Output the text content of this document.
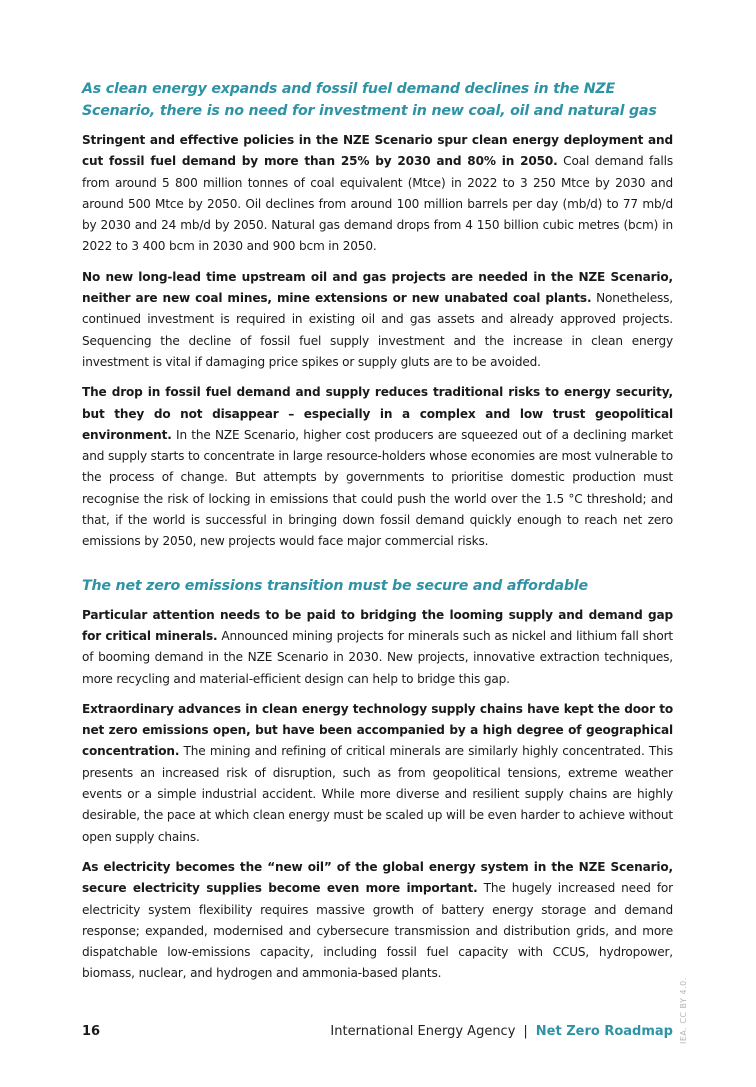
As clean energy expands and fossil fuel demand declines in the NZE Scenario, there is no need for investment in new coal, oil and natural gas

Stringent and effective policies in the NZE Scenario spur clean energy deployment and cut fossil fuel demand by more than 25% by 2030 and 80% in 2050. Coal demand falls from around 5 800 million tonnes of coal equivalent (Mtce) in 2022 to 3 250 Mtce by 2030 and around 500 Mtce by 2050. Oil declines from around 100 million barrels per day (mb/d) to 77 mb/d by 2030 and 24 mb/d by 2050. Natural gas demand drops from 4 150 billion cubic metres (bcm) in 2022 to 3 400 bcm in 2030 and 900 bcm in 2050.

No new long-lead time upstream oil and gas projects are needed in the NZE Scenario, neither are new coal mines, mine extensions or new unabated coal plants. Nonetheless, continued investment is required in existing oil and gas assets and already approved projects. Sequencing the decline of fossil fuel supply investment and the increase in clean energy investment is vital if damaging price spikes or supply gluts are to be avoided.

The drop in fossil fuel demand and supply reduces traditional risks to energy security, but they do not disappear – especially in a complex and low trust geopolitical environment. In the NZE Scenario, higher cost producers are squeezed out of a declining market and supply starts to concentrate in large resource-holders whose economies are most vulnerable to the process of change. But attempts by governments to prioritise domestic production must recognise the risk of locking in emissions that could push the world over the 1.5 °C threshold; and that, if the world is successful in bringing down fossil demand quickly enough to reach net zero emissions by 2050, new projects would face major commercial risks.

The net zero emissions transition must be secure and affordable

Particular attention needs to be paid to bridging the looming supply and demand gap for critical minerals. Announced mining projects for minerals such as nickel and lithium fall short of booming demand in the NZE Scenario in 2030. New projects, innovative extraction techniques, more recycling and material-efficient design can help to bridge this gap.

Extraordinary advances in clean energy technology supply chains have kept the door to net zero emissions open, but have been accompanied by a high degree of geographical concentration. The mining and refining of critical minerals are similarly highly concentrated. This presents an increased risk of disruption, such as from geopolitical tensions, extreme weather events or a simple industrial accident. While more diverse and resilient supply chains are highly desirable, the pace at which clean energy must be scaled up will be even harder to achieve without open supply chains.

As electricity becomes the “new oil” of the global energy system in the NZE Scenario, secure electricity supplies become even more important. The hugely increased need for electricity system flexibility requires massive growth of battery energy storage and demand response; expanded, modernised and cybersecure transmission and distribution grids, and more dispatchable low-emissions capacity, including fossil fuel capacity with CCUS, hydropower, biomass, nuclear, and hydrogen and ammonia-based plants.

16	International Energy Agency | Net Zero Roadmap IEA. CC BY 4.0.
